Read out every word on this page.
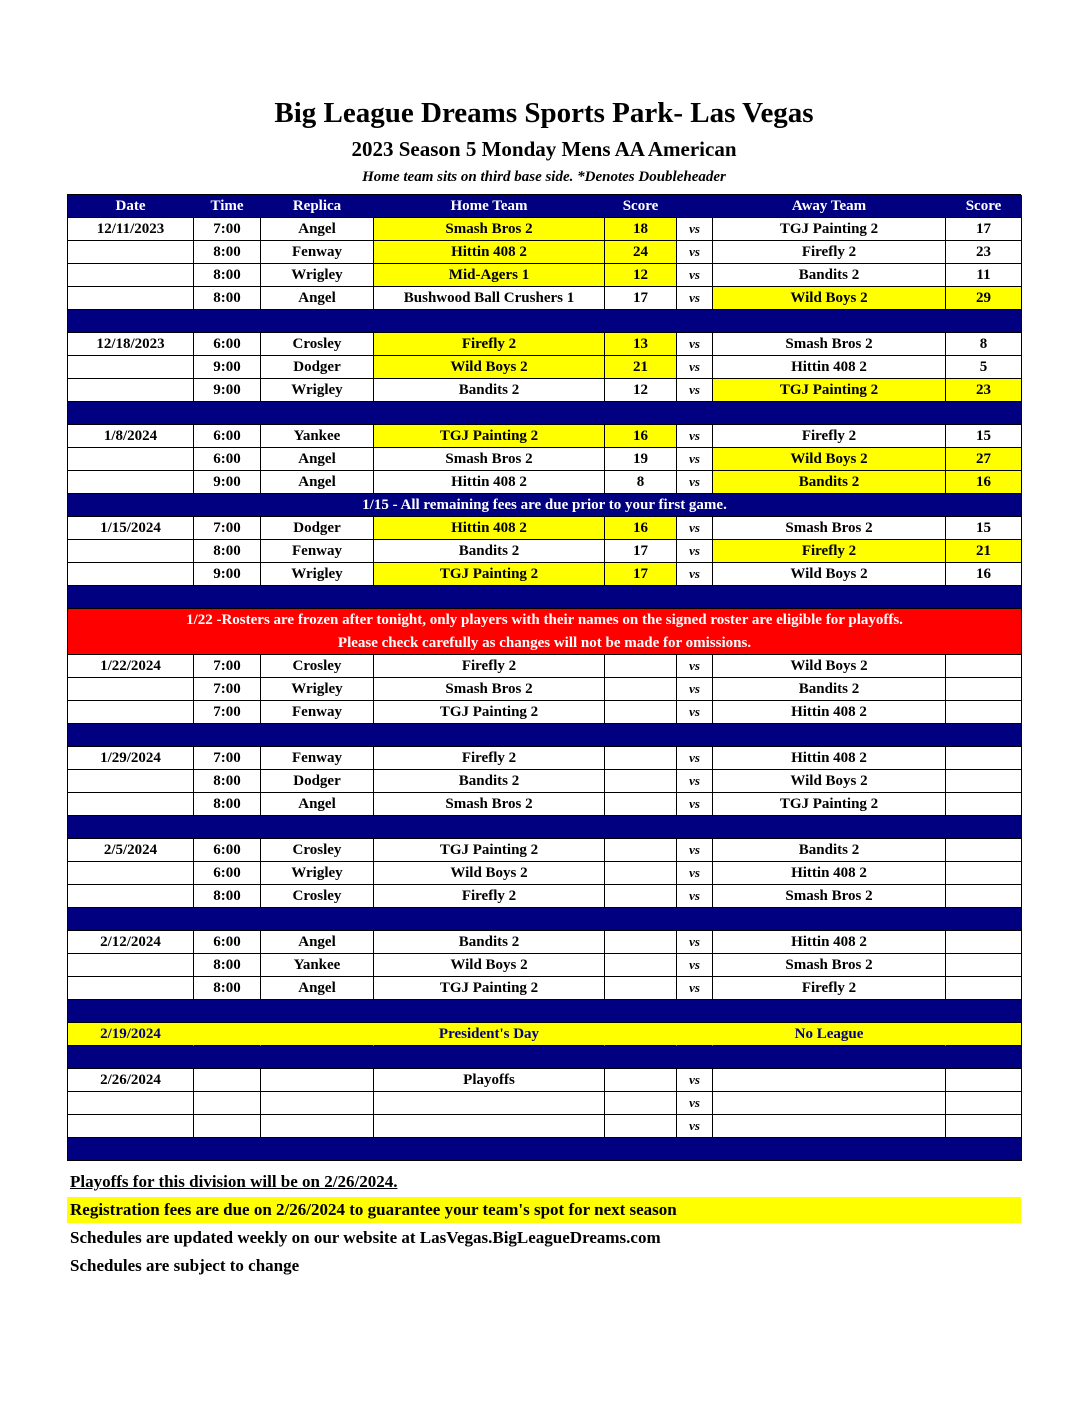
Big League Dreams Sports Park- Las Vegas
2023 Season 5 Monday Mens AA American
Home team sits on third base side. *Denotes Doubleheader
Date	Time	Replica	Home Team	Score	Away Team	Score
12/11/2023	7:00	Angel	Smash Bros 2	18	vs	TGJ Painting 2	17
8:00	Fenway	Hittin 408 2	24	vs	Firefly 2	23
8:00	Wrigley	Mid-Agers 1	12	vs	Bandits 2	11
8:00	Angel	Bushwood Ball Crushers 1	17	vs	Wild Boys 2	29
12/18/2023	6:00	Crosley	Firefly 2	13	vs	Smash Bros 2	8
9:00	Dodger	Wild Boys 2	21	vs	Hittin 408 2	5
9:00	Wrigley	Bandits 2	12	vs	TGJ Painting 2	23
1/8/2024	6:00	Yankee	TGJ Painting 2	16	vs	Firefly 2	15
6:00	Angel	Smash Bros 2	19	vs	Wild Boys 2	27
9:00	Angel	Hittin 408 2	8	vs	Bandits 2	16
1/15 - All remaining fees are due prior to your first game.
1/15/2024	7:00	Dodger	Hittin 408 2	16	vs	Smash Bros 2	15
8:00	Fenway	Bandits 2	17	vs	Firefly 2	21
9:00	Wrigley	TGJ Painting 2	17	vs	Wild Boys 2	16
1/22 -Rosters are frozen after tonight, only players with their names on the signed roster are eligible for playoffs.
Please check carefully as changes will not be made for omissions.
1/22/2024	7:00	Crosley	Firefly 2	vs	Wild Boys 2
7:00	Wrigley	Smash Bros 2	vs	Bandits 2
7:00	Fenway	TGJ Painting 2	vs	Hittin 408 2
1/29/2024	7:00	Fenway	Firefly 2	vs	Hittin 408 2
8:00	Dodger	Bandits 2	vs	Wild Boys 2
8:00	Angel	Smash Bros 2	vs	TGJ Painting 2
2/5/2024	6:00	Crosley	TGJ Painting 2	vs	Bandits 2
6:00	Wrigley	Wild Boys 2	vs	Hittin 408 2
8:00	Crosley	Firefly 2	vs	Smash Bros 2
2/12/2024	6:00	Angel	Bandits 2	vs	Hittin 408 2
8:00	Yankee	Wild Boys 2	vs	Smash Bros 2
8:00	Angel	TGJ Painting 2	vs	Firefly 2
2/19/2024	President's Day	No League
2/26/2024	Playoffs	vs
vs
vs
Playoffs for this division will be on 2/26/2024.
Registration fees are due on 2/26/2024 to guarantee your team's spot for next season
Schedules are updated weekly on our website at LasVegas.BigLeagueDreams.com
Schedules are subject to change
